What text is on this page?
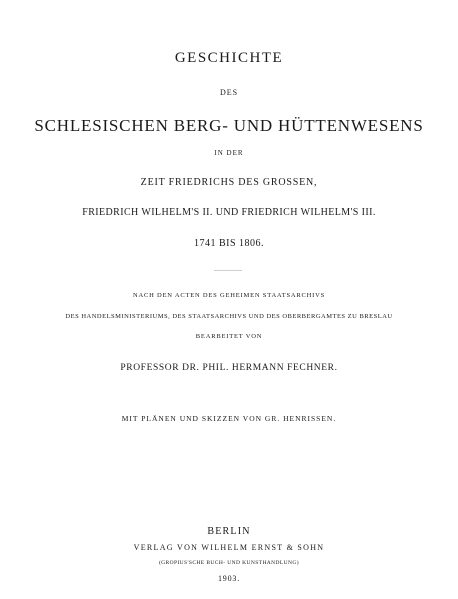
GESCHICHTE
DES
SCHLESISCHEN BERG- UND HÜTTENWESENS
IN DER
ZEIT FRIEDRICHS DES GROSSEN,
FRIEDRICH WILHELM'S II. UND FRIEDRICH WILHELM'S III.
1741 BIS 1806.
NACH DEN ACTEN DES GEHEIMEN STAATSARCHIVS
DES HANDELSMINISTERIUMS, DES STAATSARCHIVS UND DES OBERBERGAMTES ZU BRESLAU
BEARBEITET VON
PROFESSOR DR. PHIL. HERMANN FECHNER.
MIT PLÄNEN UND SKIZZEN VON GR. HENRISSEN.
BERLIN
VERLAG VON WILHELM ERNST & SOHN
(GROPIUS'SCHE BUCH- UND KUNSTHANDLUNG)
1903.
